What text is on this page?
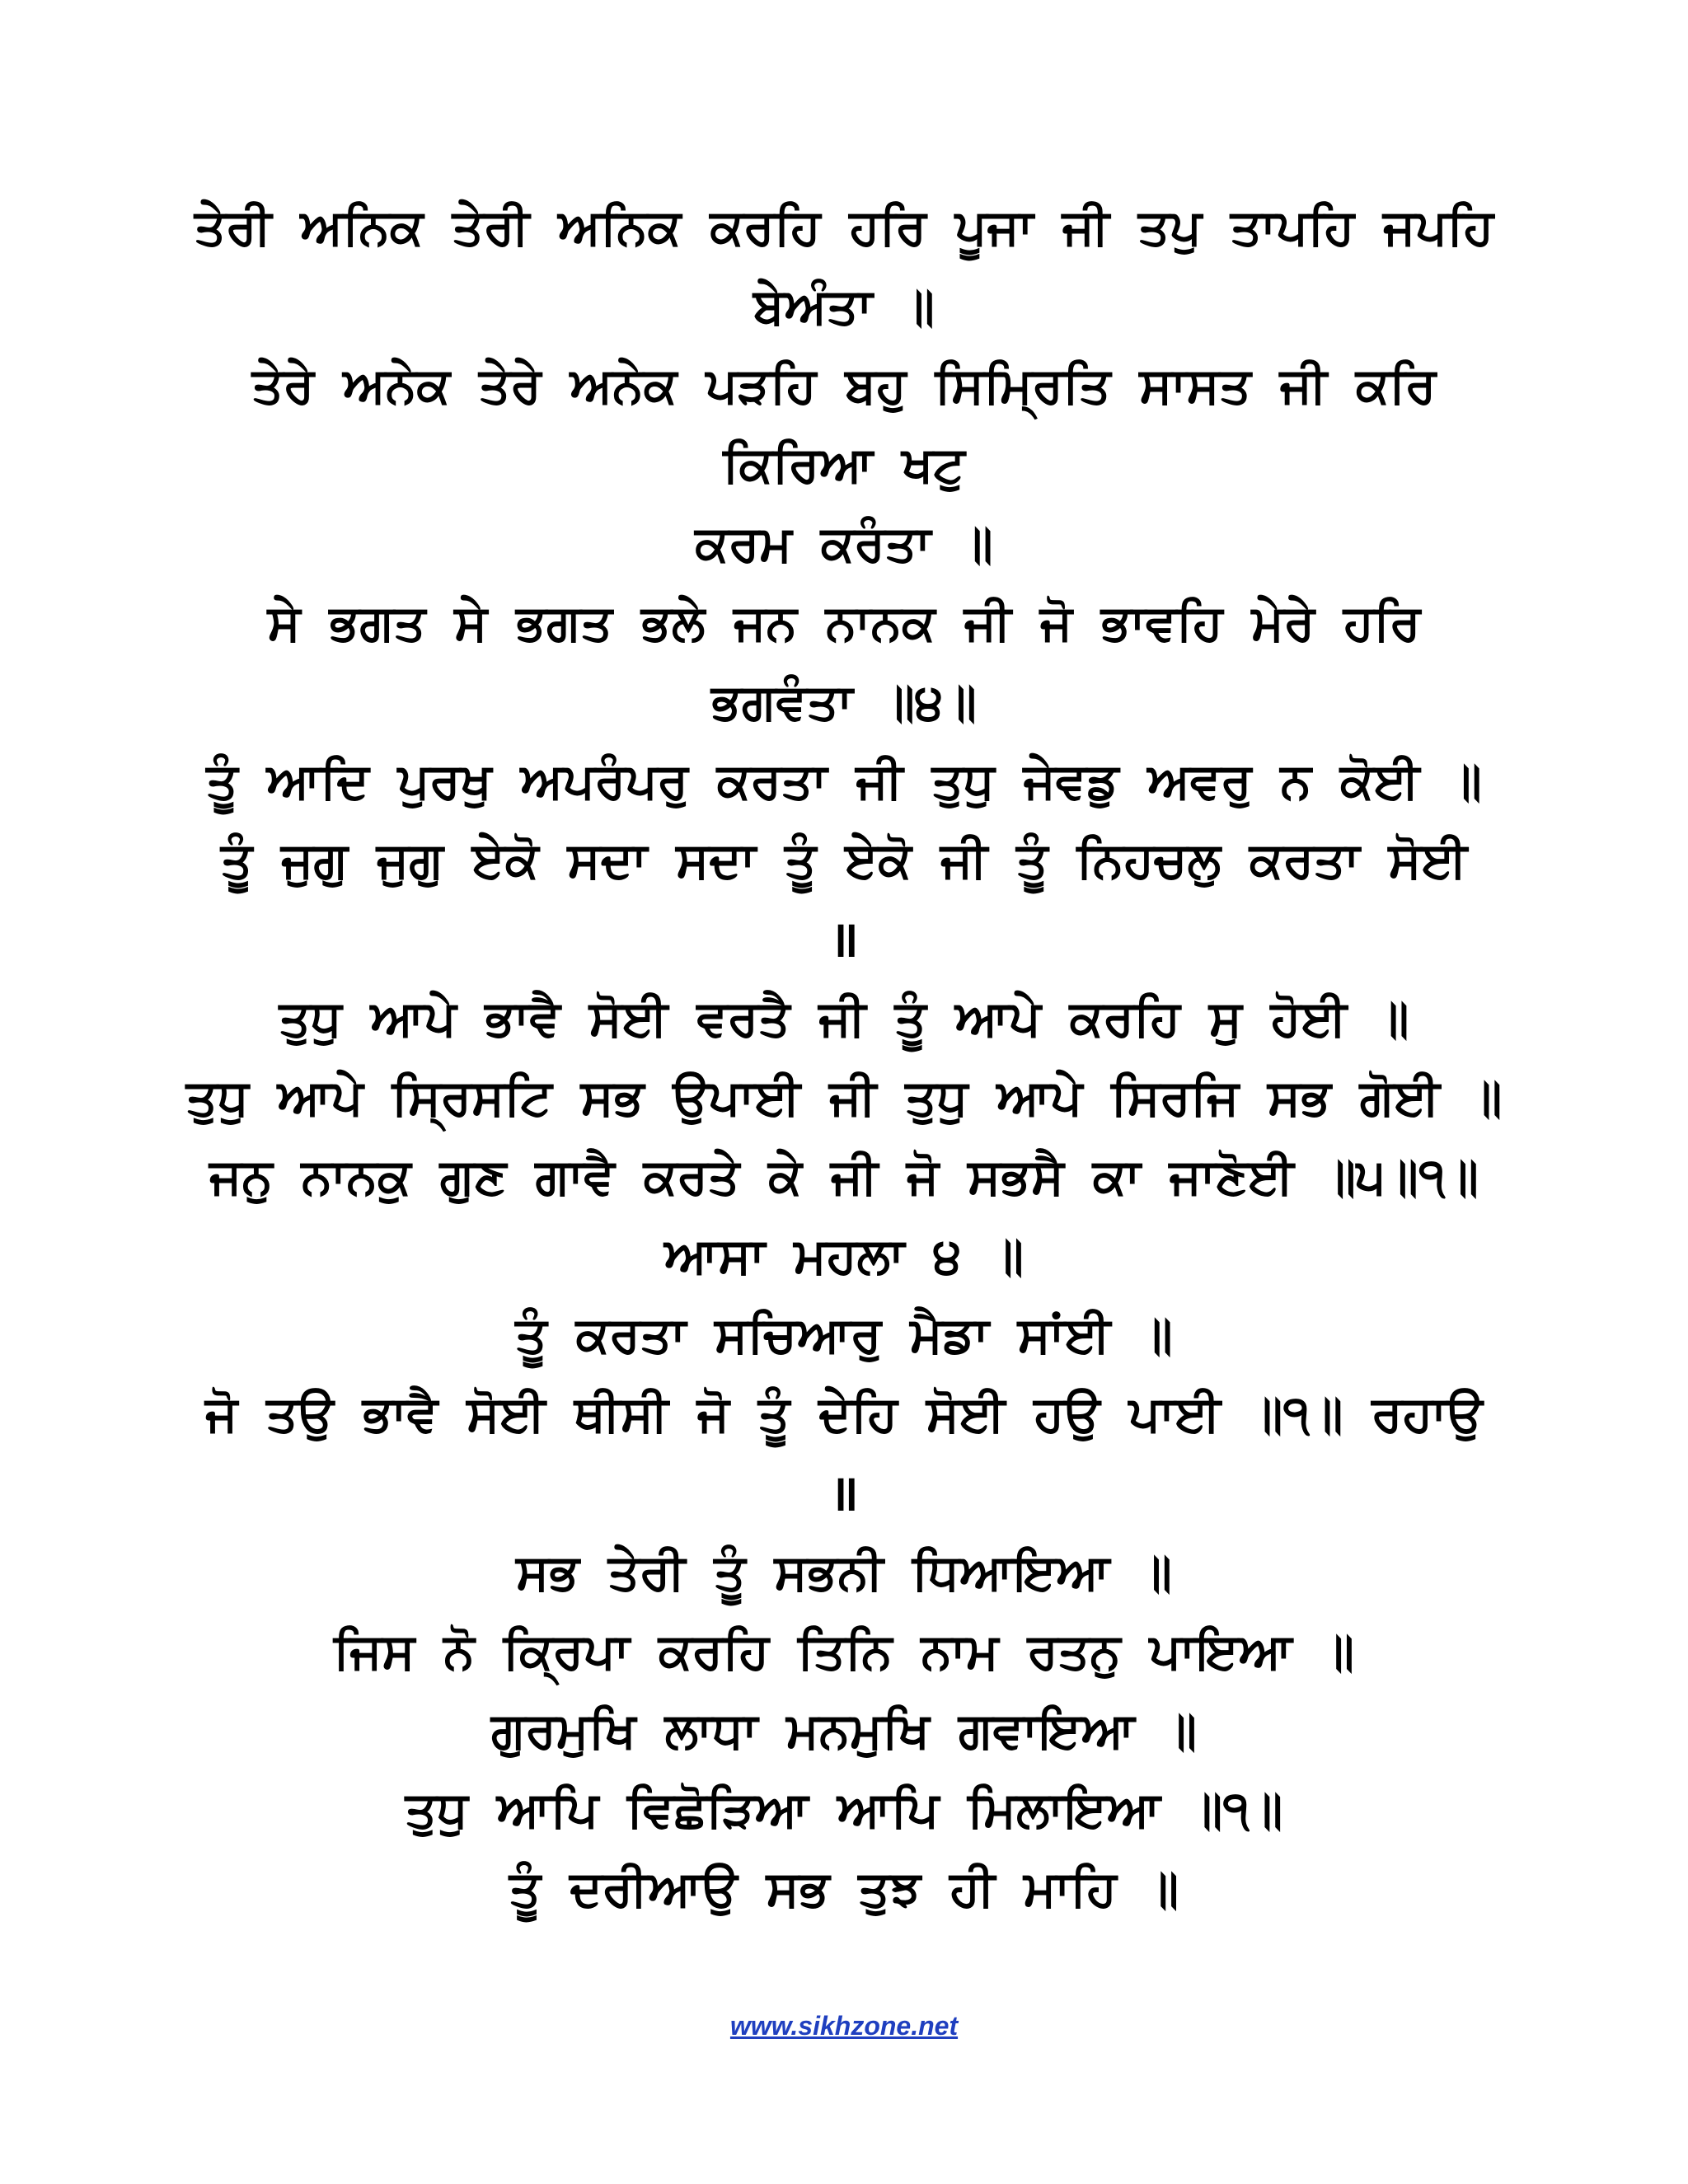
ਤੇਰੀ ਅਨਿਕ ਤੇਰੀ ਅਨਿਕ ਕਰਹਿ ਹਰਿ ਪੂਜਾ ਜੀ ਤਪੁ ਤਾਪਹਿ ਜਪਹਿ

ਬੇਅੰਤਾ ॥

ਤੇਰੇ ਅਨੇਕ ਤੇਰੇ ਅਨੇਕ ਪੜਹਿ ਬਹੁ ਸਿਮ੍ਰਿਤਿ ਸਾਸਤ ਜੀ ਕਰਿ

ਕਿਰਿਆ ਖਟੁ

ਕਰਮ ਕਰੰਤਾ ॥

ਸੇ ਭਗਤ ਸੇ ਭਗਤ ਭਲੇ ਜਨ ਨਾਨਕ ਜੀ ਜੋ ਭਾਵਹਿ ਮੇਰੇ ਹਰਿ

ਭਗਵੰਤਾ ॥੪॥

ਤੂੰ ਆਦਿ ਪੁਰਖੁ ਅਪਰੰਪਰੁ ਕਰਤਾ ਜੀ ਤੁਧੁ ਜੇਵਡੁ ਅਵਰੁ ਨ ਕੋਈ ॥

ਤੂੰ ਜੁਗੁ ਜੁਗੁ ਏਕੋ ਸਦਾ ਸਦਾ ਤੂੰ ਏਕੋ ਜੀ ਤੂੰ ਨਿਹਚਲੁ ਕਰਤਾ ਸੋਈ

॥

ਤੁਧੁ ਆਪੇ ਭਾਵੈ ਸੋਈ ਵਰਤੈ ਜੀ ਤੂੰ ਆਪੇ ਕਰਹਿ ਸੁ ਹੋਈ ॥

ਤੁਧੁ ਆਪੇ ਸ੍ਰਿਸਟਿ ਸਭ ਉਪਾਈ ਜੀ ਤੁਧੁ ਆਪੇ ਸਿਰਜਿ ਸਭ ਗੋਈ ॥

ਜਨੁ ਨਾਨਕੁ ਗੁਣ ਗਾਵੈ ਕਰਤੇ ਕੇ ਜੀ ਜੋ ਸਭਸੈ ਕਾ ਜਾਣੋਈ ॥੫॥੧॥

ਆਸਾ ਮਹਲਾ ੪ ॥

ਤੂੰ ਕਰਤਾ ਸਚਿਆਰੁ ਮੈਡਾ ਸਾਂਈ ॥

ਜੋ ਤਉ ਭਾਵੈ ਸੋਈ ਥੀਸੀ ਜੋ ਤੂੰ ਦੇਹਿ ਸੋਈ ਹਉ ਪਾਈ ॥੧॥ ਰਹਾਉ

॥

ਸਭ ਤੇਰੀ ਤੂੰ ਸਭਨੀ ਧਿਆਇਆ ॥

ਜਿਸ ਨੋ ਕ੍ਰਿਪਾ ਕਰਹਿ ਤਿਨਿ ਨਾਮ ਰਤਨੁ ਪਾਇਆ ॥

ਗੁਰਮੁਖਿ ਲਾਧਾ ਮਨਮੁਖਿ ਗਵਾਇਆ ॥

ਤੁਧੁ ਆਪਿ ਵਿਛੋੜਿਆ ਆਪਿ ਮਿਲਾਇਆ ॥੧॥

ਤੂੰ ਦਰੀਆਉ ਸਭ ਤੁਝ ਹੀ ਮਾਹਿ ॥

www.sikhzone.net
